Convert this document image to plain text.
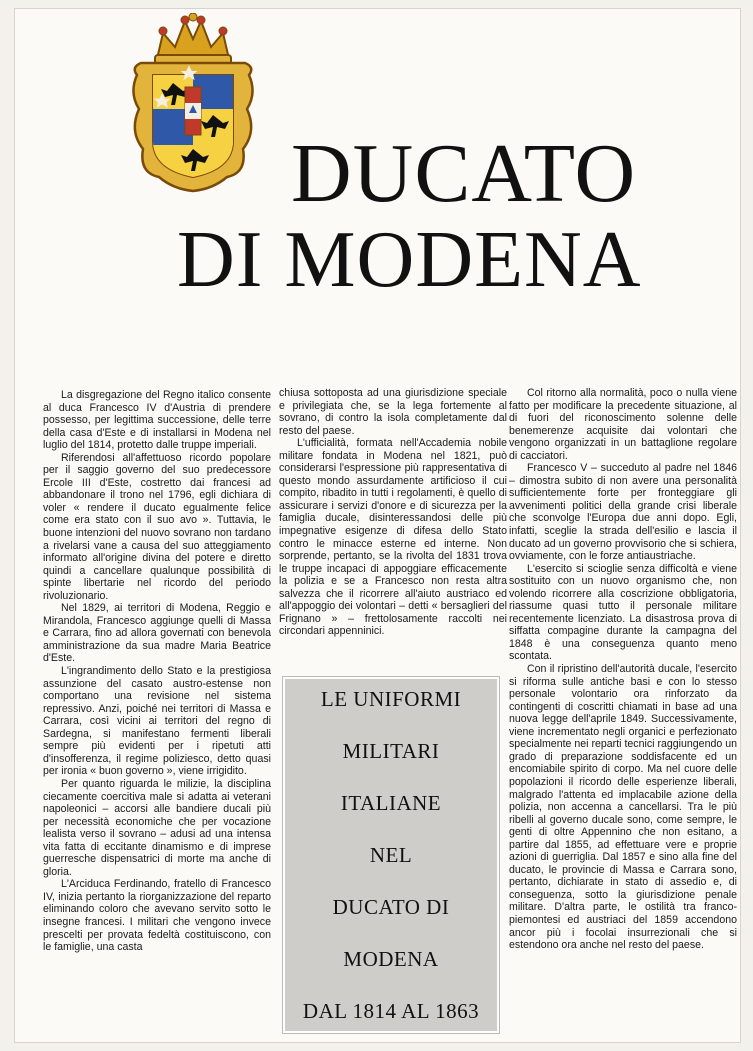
DUCATO
DI MODENA

La disgregazione del Regno italico consente al duca Francesco IV d'Austria di prendere possesso, per legittima successione, delle terre della casa d'Este e di installarsi in Modena nel luglio del 1814, protetto dalle truppe imperiali.

Riferendosi all'affettuoso ricordo popolare per il saggio governo del suo predecessore Ercole III d'Este, costretto dai francesi ad abbandonare il trono nel 1796, egli dichiara di voler « rendere il ducato egualmente felice come era stato con il suo avo ». Tuttavia, le buone intenzioni del nuovo sovrano non tardano a rivelarsi vane a causa del suo atteggiamento informato all'origine divina del potere e diretto quindi a cancellare qualunque possibilità di spinte libertarie nel ricordo del periodo rivoluzionario.

Nel 1829, ai territori di Modena, Reggio e Mirandola, Francesco aggiunge quelli di Massa e Carrara, fino ad allora governati con benevola amministrazione da sua madre Maria Beatrice d'Este.

L'ingrandimento dello Stato e la prestigiosa assunzione del casato austro-estense non comportano una revisione nel sistema repressivo. Anzi, poiché nei territori di Massa e Carrara, così vicini ai territori del regno di Sardegna, si manifestano fermenti liberali sempre più evidenti per i ripetuti atti d'insofferenza, il regime poliziesco, detto quasi per ironia « buon governo », viene irrigidito.

Per quanto riguarda le milizie, la disciplina ciecamente coercitiva male si adatta ai veterani napoleonici – accorsi alle bandiere ducali più per necessità economiche che per vocazione lealista verso il sovrano – adusi ad una intensa vita fatta di eccitante dinamismo e di imprese guerresche dispensatrici di morte ma anche di gloria.

L'Arciduca Ferdinando, fratello di Francesco IV, inizia pertanto la riorganizzazione del reparto eliminando coloro che avevano servito sotto le insegne francesi. I militari che vengono invece prescelti per provata fedeltà costituiscono, con le famiglie, una casta

chiusa sottoposta ad una giurisdizione speciale e privilegiata che, se la lega fortemente al sovrano, di contro la isola completamente dal resto del paese.

L'ufficialità, formata nell'Accademia nobile militare fondata in Modena nel 1821, può considerarsi l'espressione più rappresentativa di questo mondo assurdamente artificioso il cui compito, ribadito in tutti i regolamenti, è quello di assicurare i servizi d'onore e di sicurezza per la famiglia ducale, disinteressandosi delle più impegnative esigenze di difesa dello Stato contro le minacce esterne ed interne. Non sorprende, pertanto, se la rivolta del 1831 trova le truppe incapaci di appoggiare efficacemente la polizia e se a Francesco non resta altra salvezza che il ricorrere all'aiuto austriaco ed all'appoggio dei volontari – detti « bersaglieri del Frignano » – frettolosamente raccolti nei circondari appenninici.

Col ritorno alla normalità, poco o nulla viene fatto per modificare la precedente situazione, al di fuori del riconoscimento solenne delle benemerenze acquisite dai volontari che vengono organizzati in un battaglione regolare di cacciatori.

Francesco V – succeduto al padre nel 1846 – dimostra subito di non avere una personalità sufficientemente forte per fronteggiare gli avvenimenti politici della grande crisi liberale che sconvolge l'Europa due anni dopo. Egli, infatti, sceglie la strada dell'esilio e lascia il ducato ad un governo provvisorio che si schiera, ovviamente, con le forze antiaustriache.

L'esercito si scioglie senza difficoltà e viene sostituito con un nuovo organismo che, non volendo ricorrere alla coscrizione obbligatoria, riassume quasi tutto il personale militare recentemente licenziato. La disastrosa prova di siffatta compagine durante la campagna del 1848 è una conseguenza quanto meno scontata.

Con il ripristino dell'autorità ducale, l'esercito si riforma sulle antiche basi e con lo stesso personale volontario ora rinforzato da contingenti di coscritti chiamati in base ad una nuova legge dell'aprile 1849. Successivamente, viene incrementato negli organici e perfezionato specialmente nei reparti tecnici raggiungendo un grado di preparazione soddisfacente ed un encomiabile spirito di corpo. Ma nel cuore delle popolazioni il ricordo delle esperienze liberali, malgrado l'attenta ed implacabile azione della polizia, non accenna a cancellarsi. Tra le più ribelli al governo ducale sono, come sempre, le genti di oltre Appennino che non esitano, a partire dal 1855, ad effettuare vere e proprie azioni di guerriglia. Dal 1857 e sino alla fine del ducato, le provincie di Massa e Carrara sono, pertanto, dichiarate in stato di assedio e, di conseguenza, sotto la giurisdizione penale militare. D'altra parte, le ostilità tra franco-piemontesi ed austriaci del 1859 accendono ancor più i focolai insurrezionali che si estendono ora anche nel resto del paese.

LE UNIFORMI
MILITARI
ITALIANE
NEL
DUCATO DI
MODENA
DAL 1814 AL 1863
